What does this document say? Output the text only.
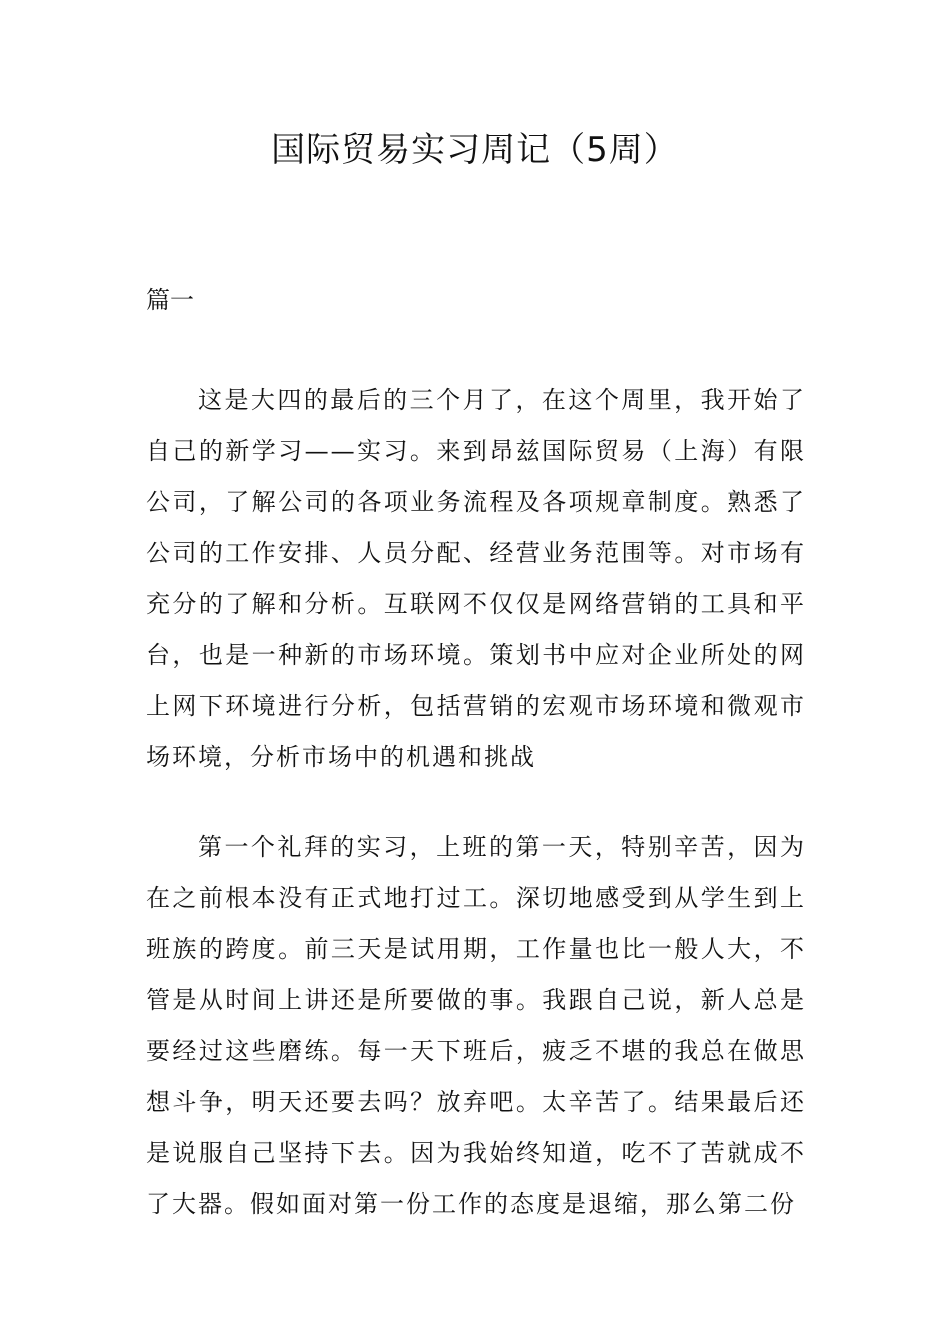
国际贸易实习周记（5周）

篇一

这是大四的最后的三个月了，在这个周里，我开始了自己的新学习——实习。来到昂兹国际贸易（上海）有限公司，了解公司的各项业务流程及各项规章制度。熟悉了公司的工作安排、人员分配、经营业务范围等。对市场有充分的了解和分析。互联网不仅仅是网络营销的工具和平台，也是一种新的市场环境。策划书中应对企业所处的网上网下环境进行分析，包括营销的宏观市场环境和微观市场环境，分析市场中的机遇和挑战

第一个礼拜的实习，上班的第一天，特别辛苦，因为在之前根本没有正式地打过工。深切地感受到从学生到上班族的跨度。前三天是试用期，工作量也比一般人大，不管是从时间上讲还是所要做的事。我跟自己说，新人总是要经过这些磨练。每一天下班后，疲乏不堪的我总在做思想斗争，明天还要去吗？放弃吧。太辛苦了。结果最后还是说服自己坚持下去。因为我始终知道，吃不了苦就成不了大器。假如面对第一份工作的态度是退缩，那么第二份
